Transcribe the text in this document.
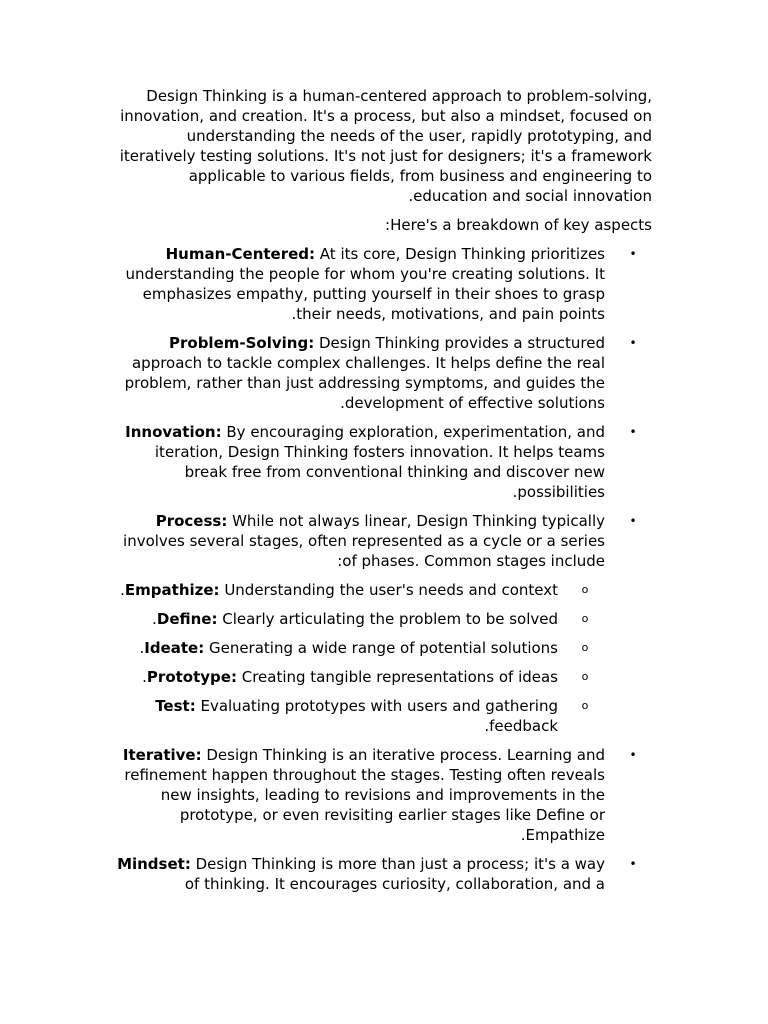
Design Thinking is a human-centered approach to problem-solving, innovation, and creation. It's a process, but also a mindset, focused on understanding the needs of the user, rapidly prototyping, and iteratively testing solutions. It's not just for designers; it's a framework applicable to various fields, from business and engineering to education and social innovation.

Here's a breakdown of key aspects:

•
Human-Centered: At its core, Design Thinking prioritizes understanding the people for whom you're creating solutions. It emphasizes empathy, putting yourself in their shoes to grasp their needs, motivations, and pain points.
•
Problem-Solving: Design Thinking provides a structured approach to tackle complex challenges. It helps define the real problem, rather than just addressing symptoms, and guides the development of effective solutions.
•
Innovation: By encouraging exploration, experimentation, and iteration, Design Thinking fosters innovation. It helps teams break free from conventional thinking and discover new possibilities.
•
Process: While not always linear, Design Thinking typically involves several stages, often represented as a cycle or a series of phases. Common stages include:
o
Empathize: Understanding the user's needs and context.
o
Define: Clearly articulating the problem to be solved.
o
Ideate: Generating a wide range of potential solutions.
o
Prototype: Creating tangible representations of ideas.
o
Test: Evaluating prototypes with users and gathering feedback.
•
Iterative: Design Thinking is an iterative process. Learning and refinement happen throughout the stages. Testing often reveals new insights, leading to revisions and improvements in the prototype, or even revisiting earlier stages like Define or Empathize.
•
Mindset: Design Thinking is more than just a process; it's a way of thinking. It encourages curiosity, collaboration, and a
